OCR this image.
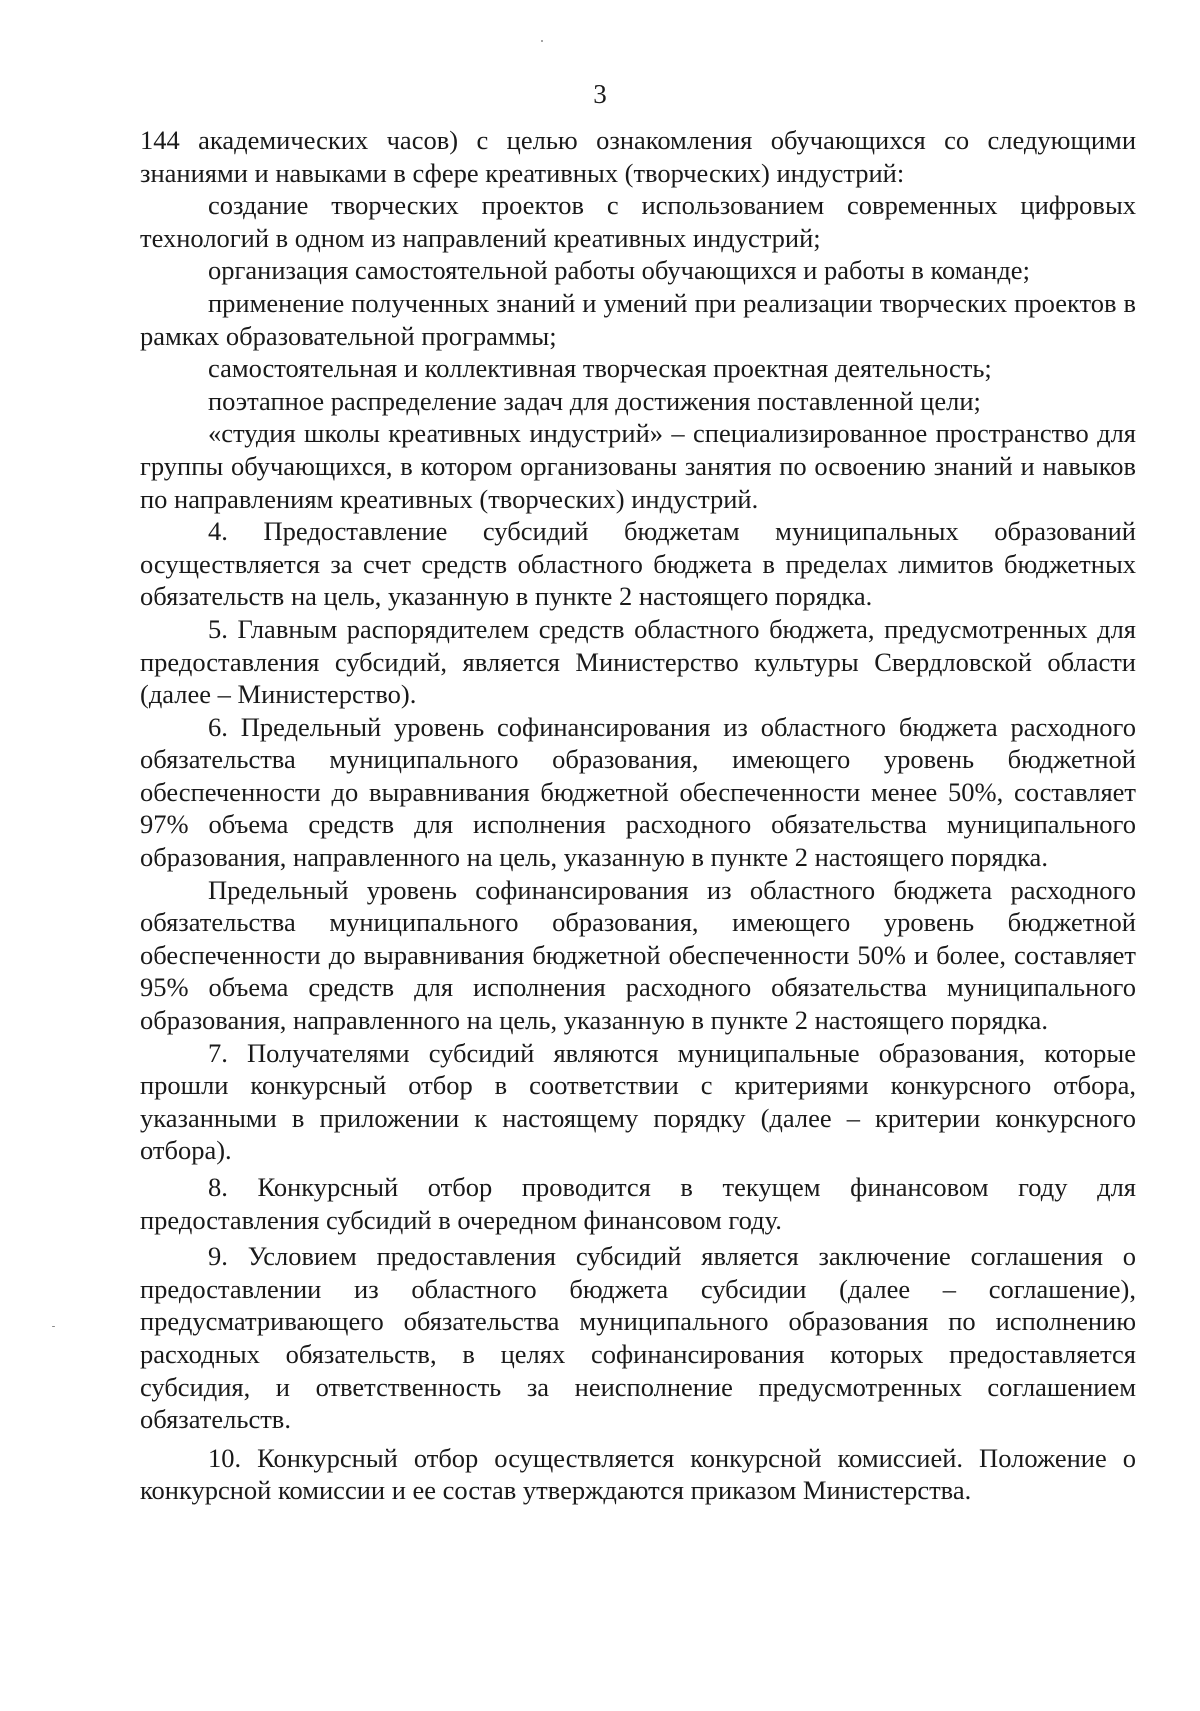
3

144 академических часов) с целью ознакомления обучающихся со следующими знаниями и навыками в сфере креативных (творческих) индустрий:

создание творческих проектов с использованием современных цифровых технологий в одном из направлений креативных индустрий;

организация самостоятельной работы обучающихся и работы в команде;

применение полученных знаний и умений при реализации творческих проектов в рамках образовательной программы;

самостоятельная и коллективная творческая проектная деятельность;

поэтапное распределение задач для достижения поставленной цели;

«студия школы креативных индустрий» – специализированное пространство для группы обучающихся, в котором организованы занятия по освоению знаний и навыков по направлениям креативных (творческих) индустрий.

4. Предоставление субсидий бюджетам муниципальных образований осуществляется за счет средств областного бюджета в пределах лимитов бюджетных обязательств на цель, указанную в пункте 2 настоящего порядка.

5. Главным распорядителем средств областного бюджета, предусмотренных для предоставления субсидий, является Министерство культуры Свердловской области (далее – Министерство).

6. Предельный уровень софинансирования из областного бюджета расходного обязательства муниципального образования, имеющего уровень бюджетной обеспеченности до выравнивания бюджетной обеспеченности менее 50%, составляет 97% объема средств для исполнения расходного обязательства муниципального образования, направленного на цель, указанную в пункте 2 настоящего порядка.

Предельный уровень софинансирования из областного бюджета расходного обязательства муниципального образования, имеющего уровень бюджетной обеспеченности до выравнивания бюджетной обеспеченности 50% и более, составляет 95% объема средств для исполнения расходного обязательства муниципального образования, направленного на цель, указанную в пункте 2 настоящего порядка.

7. Получателями субсидий являются муниципальные образования, которые прошли конкурсный отбор в соответствии с критериями конкурсного отбора, указанными в приложении к настоящему порядку (далее – критерии конкурсного отбора).

8. Конкурсный отбор проводится в текущем финансовом году для предоставления субсидий в очередном финансовом году.

9. Условием предоставления субсидий является заключение соглашения о предоставлении из областного бюджета субсидии (далее – соглашение), предусматривающего обязательства муниципального образования по исполнению расходных обязательств, в целях софинансирования которых предоставляется субсидия, и ответственность за неисполнение предусмотренных соглашением обязательств.

10. Конкурсный отбор осуществляется конкурсной комиссией. Положение о конкурсной комиссии и ее состав утверждаются приказом Министерства.
